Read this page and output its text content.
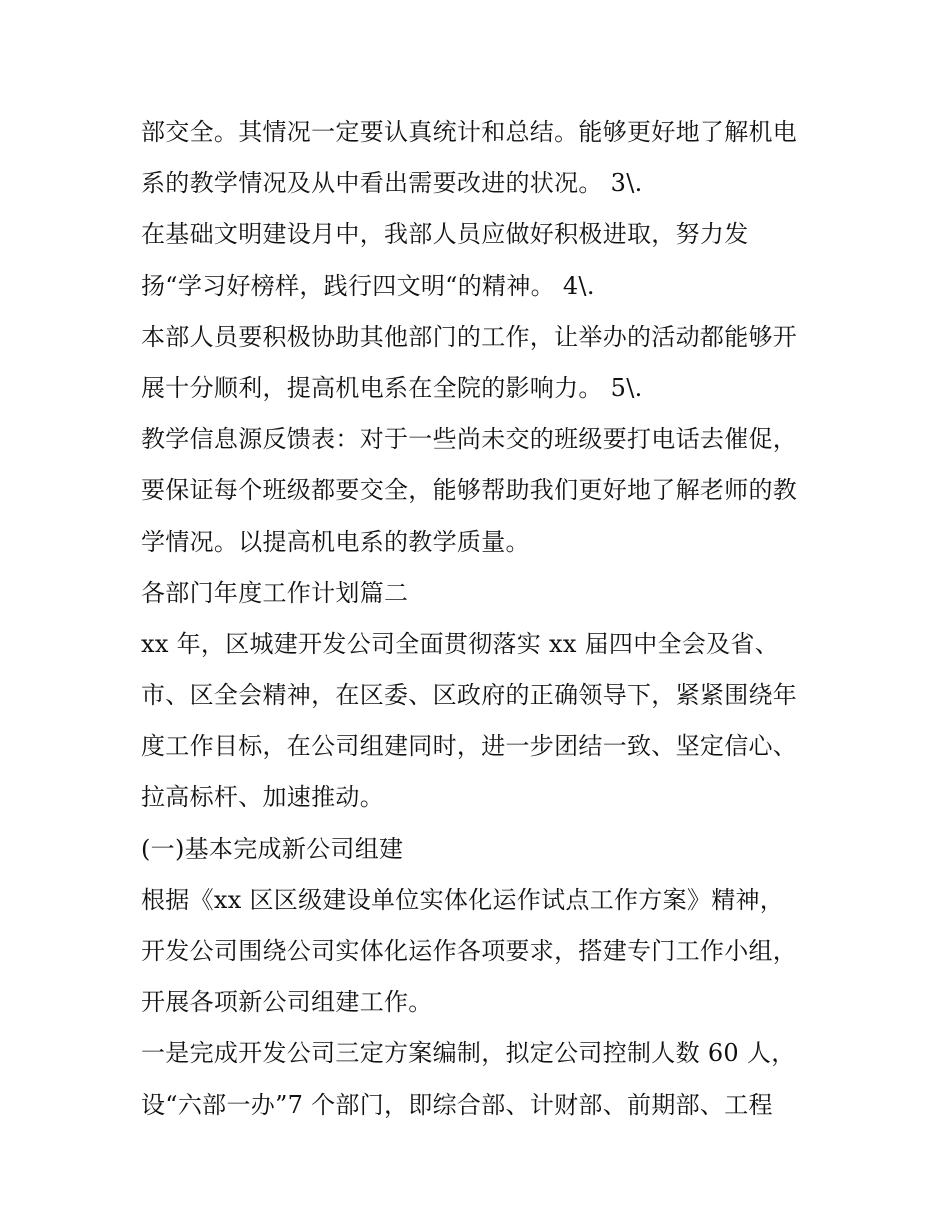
部交全。其情况一定要认真统计和总结。能够更好地了解机电
系的教学情况及从中看出需要改进的状况。 3\.
在基础文明建设月中，我部人员应做好积极进取，努力发
扬“学习好榜样，践行四文明“的精神。 4\.
本部人员要积极协助其他部门的工作，让举办的活动都能够开
展十分顺利，提高机电系在全院的影响力。 5\.
教学信息源反馈表：对于一些尚未交的班级要打电话去催促，
要保证每个班级都要交全，能够帮助我们更好地了解老师的教
学情况。以提高机电系的教学质量。
各部门年度工作计划篇二
xx 年，区城建开发公司全面贯彻落实 xx 届四中全会及省、
市、区全会精神，在区委、区政府的正确领导下，紧紧围绕年
度工作目标，在公司组建同时，进一步团结一致、坚定信心、
拉高标杆、加速推动。
(一)基本完成新公司组建
根据《xx 区区级建设单位实体化运作试点工作方案》精神，
开发公司围绕公司实体化运作各项要求，搭建专门工作小组，
开展各项新公司组建工作。
一是完成开发公司三定方案编制，拟定公司控制人数 60 人，
设“六部一办”7 个部门，即综合部、计财部、前期部、工程
